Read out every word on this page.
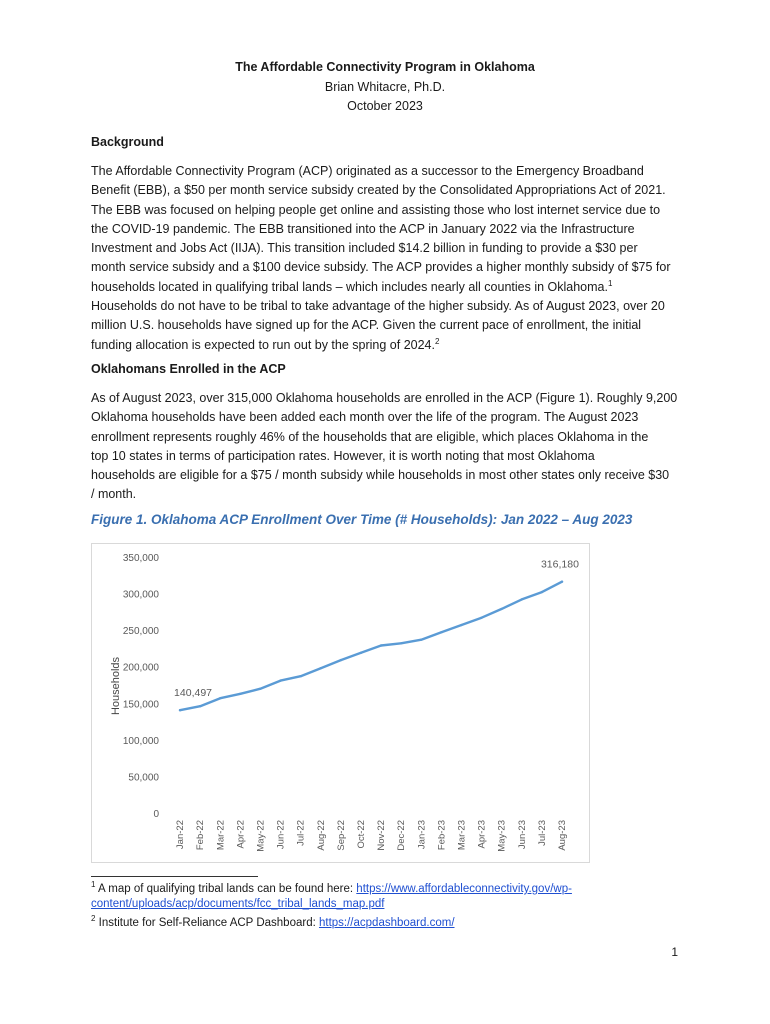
The Affordable Connectivity Program in Oklahoma
Brian Whitacre, Ph.D.
October 2023
Background
The Affordable Connectivity Program (ACP) originated as a successor to the Emergency Broadband
Benefit (EBB), a $50 per month service subsidy created by the Consolidated Appropriations Act of 2021.
The EBB was focused on helping people get online and assisting those who lost internet service due to
the COVID-19 pandemic. The EBB transitioned into the ACP in January 2022 via the Infrastructure
Investment and Jobs Act (IIJA). This transition included $14.2 billion in funding to provide a $30 per
month service subsidy and a $100 device subsidy. The ACP provides a higher monthly subsidy of $75 for
households located in qualifying tribal lands – which includes nearly all counties in Oklahoma.$^1$
Households do not have to be tribal to take advantage of the higher subsidy. As of August 2023, over 20
million U.S. households have signed up for the ACP. Given the current pace of enrollment, the initial
funding allocation is expected to run out by the spring of 2024.$^2$
Oklahomans Enrolled in the ACP
As of August 2023, over 315,000 Oklahoma households are enrolled in the ACP (Figure 1). Roughly 9,200
Oklahoma households have been added each month over the life of the program. The August 2023
enrollment represents roughly 46% of the households that are eligible, which places Oklahoma in the
top 10 states in terms of participation rates. However, it is worth noting that most Oklahoma
households are eligible for a $75 / month subsidy while households in most other states only receive $30
/ month.
Figure 1. Oklahoma ACP Enrollment Over Time (# Households): Jan 2022 – Aug 2023
Households
0
50,000
100,000
150,000
200,000
250,000
300,000
350,000
Jan-22 Feb-22 Mar-22 Apr-22 May-22 Jun-22 Jul-22 Aug-22 Sep-22 Oct-22 Nov-22 Dec-22 Jan-23 Feb-23 Mar-23 Apr-23 May-23 Jun-23 Jul-23 Aug-23
140,497
316,180
$^1$ A map of qualifying tribal lands can be found here: https://www.affordableconnectivity.gov/wp-
content/uploads/acp/documents/fcc_tribal_lands_map.pdf
$^2$ Institute for Self-Reliance ACP Dashboard: https://acpdashboard.com/
1
